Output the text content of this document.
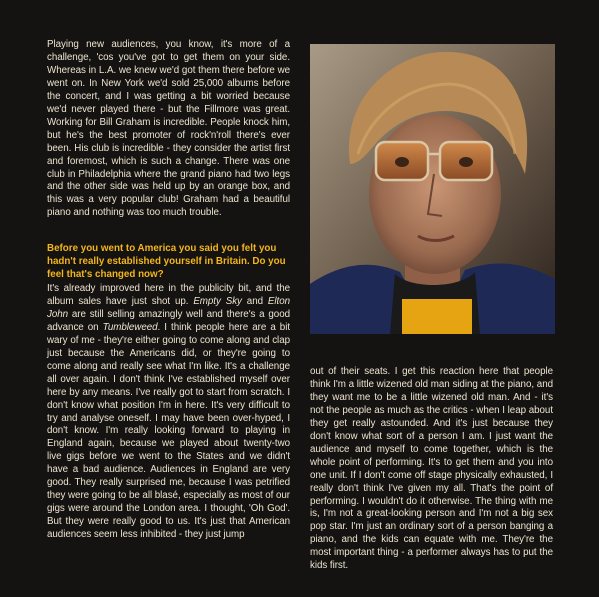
Playing new audiences, you know, it's more of a challenge, 'cos you've got to get them on your side. Whereas in L.A. we knew we'd got them there before we went on. In New York we'd sold 25,000 albums before the concert, and I was getting a bit worried because we'd never played there - but the Fillmore was great. Working for Bill Graham is incredible. People knock him, but he's the best promoter of rock'n'roll there's ever been. His club is incredible - they consider the artist first and foremost, which is such a change. There was one club in Philadelphia where the grand piano had two legs and the other side was held up by an orange box, and this was a very popular club! Graham had a beautiful piano and nothing was too much trouble.

Before you went to America you said you felt you hadn't really established yourself in Britain. Do you feel that's changed now?

It's already improved here in the publicity bit, and the album sales have just shot up. Empty Sky and Elton John are still selling amazingly well and there's a good advance on Tumbleweed. I think people here are a bit wary of me - they're either going to come along and clap just because the Americans did, or they're going to come along and really see what I'm like. It's a challenge all over again. I don't think I've established myself over here by any means. I've really got to start from scratch. I don't know what position I'm in here. It's very difficult to try and analyse oneself. I may have been over-hyped, I don't know. I'm really looking forward to playing in England again, because we played about twenty-two live gigs before we went to the States and we didn't have a bad audience. Audiences in England are very good. They really surprised me, because I was petrified they were going to be all blasé, especially as most of our gigs were around the London area. I thought, 'Oh God'. But they were really good to us. It's just that American audiences seem less inhibited - they just jump

out of their seats. I get this reaction here that people think I'm a little wizened old man siding at the piano, and they want me to be a little wizened old man. And - it's not the people as much as the critics - when I leap about they get really astounded. And it's just because they don't know what sort of a person I am. I just want the audience and myself to come together, which is the whole point of performing. It's to get them and you into one unit. If I don't come off stage physically exhausted, I really don't think I've given my all. That's the point of performing. I wouldn't do it otherwise. The thing with me is, I'm not a great-looking person and I'm not a big sex pop star. I'm just an ordinary sort of a person banging a piano, and the kids can equate with me. They're the most important thing - a performer always has to put the kids first.
